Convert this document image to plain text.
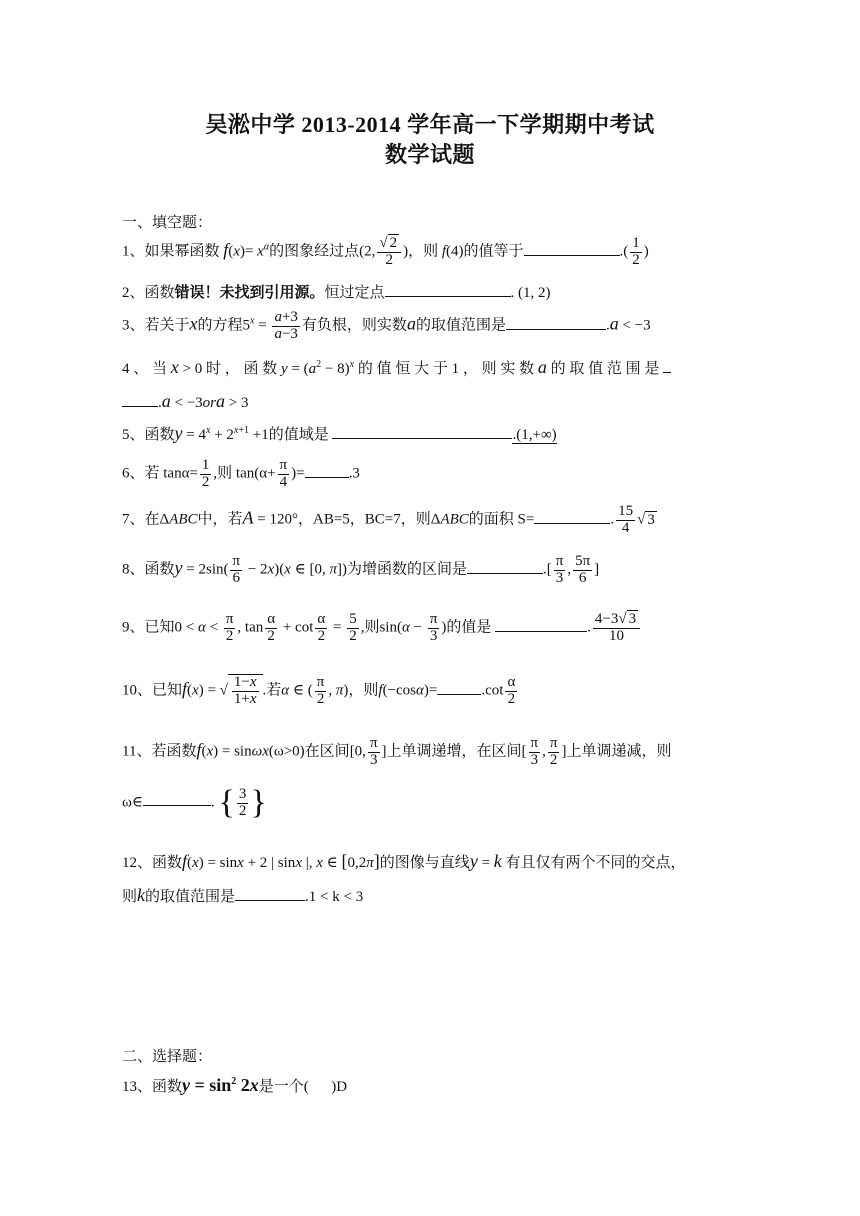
吴淞中学 2013-2014 学年高一下学期期中考试
数学试题
一、填空题：
1、如果幂函数 $f(x)= x^\alpha$的图象经过点(2, $\frac{√ 2}{2}$ )，则 f(4)的值等于	.( $\frac{1}{2}$ )
2、函数错误！未找到引用源。恒过定点	. (1, 2)
3、若关于x的方程$5^x = \frac{a+3}{a-3}$ 有负根，则实数a的取值范围是	.a < −3
4 、 当 x > 0 时 ， 函 数 $y = (a^2 - 8)^x$ 的 值 恒 大 于 1 ， 则 实 数 a 的 取 值 范 围 是
.a < −3ora > 3
5、函数$y = 4^x + 2^{x+1} +1$的值域是	.(1,+∞)
6、若 $\tan\alpha= \frac{1}{2}$ ,则 $\tan(\alpha+ \frac{\pi}{4}$ )=	.3
7、在ΔABC中，若A = 120°，AB=5，BC=7，则ΔABC的面积 S=	. $\frac{15}{4}$ √ 3
8、函数$y = 2\sin( \frac{\pi}{6} - 2x)(x$ ∈ [0, π])为增函数的区间是	.[ $\frac{\pi}{3}$ , $\frac{5\pi}{6}$ ]
9、已知$0 < \alpha < \frac{\pi}{2}$ , $\tan \frac{\alpha}{2} + \cot \frac{\alpha}{2} = \frac{5}{2}$ ,则$\sin(\alpha - \frac{\pi}{3}$ )的值是	. $\frac{4-3√ 3}{10}$
10、已知f(x) = √ $\frac{1-x}{1+x}$ .若α ∈ ( $\frac{\pi}{2}$ , π)，则f(−cosα)=	$.\cot \frac{\alpha}{2}$
11、若函数f(x) = sinωx(ω>0)在区间[0, $\frac{\pi}{3}$ ]上单调递增，在区间[ $\frac{\pi}{3}$ , $\frac{\pi}{2}$ ]上单调递减，则
ω∈	. { $\frac{3}{2}$ }
12、函数f(x) = sinx + 2 | sinx |, x ∈ [0,2π]的图像与直线y = k 有且仅有两个不同的交点，
则k的取值范围是	.1 < k < 3
二、选择题：
13、函数$y = \sin^2 2x$是一个( )D
